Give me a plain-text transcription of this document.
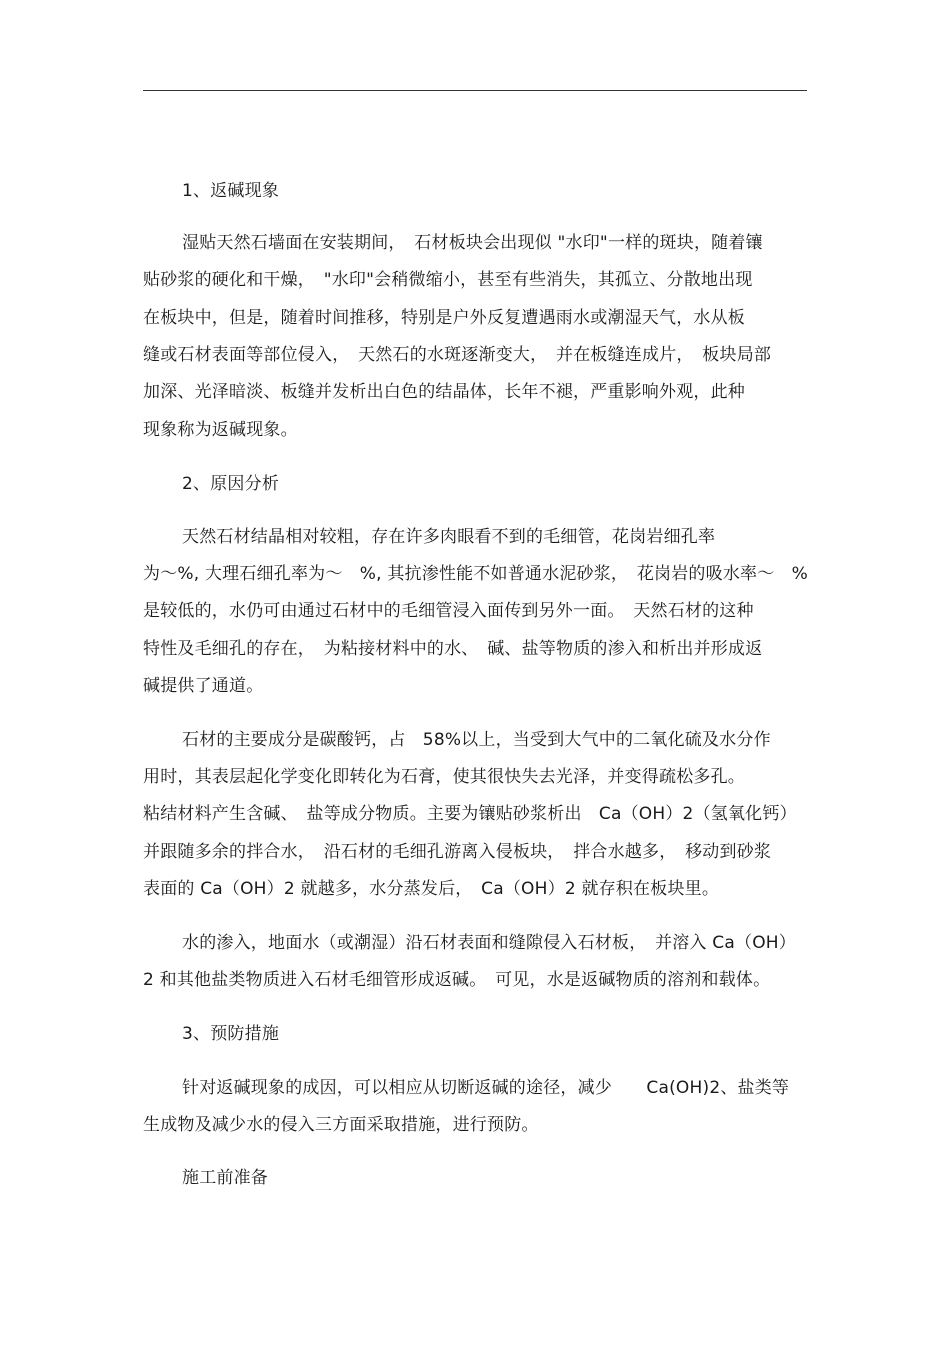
1、返碱现象
湿贴天然石墙面在安装期间，　石材板块会出现似 "水印"一样的斑块，随着镶
贴砂浆的硬化和干燥，　"水印"会稍微缩小，甚至有些消失，其孤立、分散地出现
在板块中，但是，随着时间推移，特别是户外反复遭遇雨水或潮湿天气，水从板
缝或石材表面等部位侵入，　天然石的水斑逐渐变大，　并在板缝连成片，　板块局部
加深、光泽暗淡、板缝并发析出白色的结晶体，长年不褪，严重影响外观，此种
现象称为返碱现象。
2、原因分析
天然石材结晶相对较粗，存在许多肉眼看不到的毛细管，花岗岩细孔率
为～%, 大理石细孔率为～　%, 其抗渗性能不如普通水泥砂浆，　花岗岩的吸水率～　%
是较低的，水仍可由通过石材中的毛细管浸入面传到另外一面。　天然石材的这种
特性及毛细孔的存在，　为粘接材料中的水、　碱、盐等物质的渗入和析出并形成返
碱提供了通道。
石材的主要成分是碳酸钙，占　58%以上，当受到大气中的二氧化硫及水分作
用时，其表层起化学变化即转化为石膏，使其很快失去光泽，并变得疏松多孔。
粘结材料产生含碱、　盐等成分物质。主要为镶贴砂浆析出　Ca（OH）2（氢氧化钙）
并跟随多余的拌合水，　沿石材的毛细孔游离入侵板块，　拌合水越多，　移动到砂浆
表面的 Ca（OH）2 就越多，水分蒸发后，　Ca（OH）2 就存积在板块里。
水的渗入，地面水（或潮湿）沿石材表面和缝隙侵入石材板，　并溶入 Ca（OH）
2 和其他盐类物质进入石材毛细管形成返碱。　可见，水是返碱物质的溶剂和载体。
3、预防措施
针对返碱现象的成因，可以相应从切断返碱的途径，减少　　Ca(OH)2、盐类等
生成物及减少水的侵入三方面采取措施，进行预防。
施工前准备
